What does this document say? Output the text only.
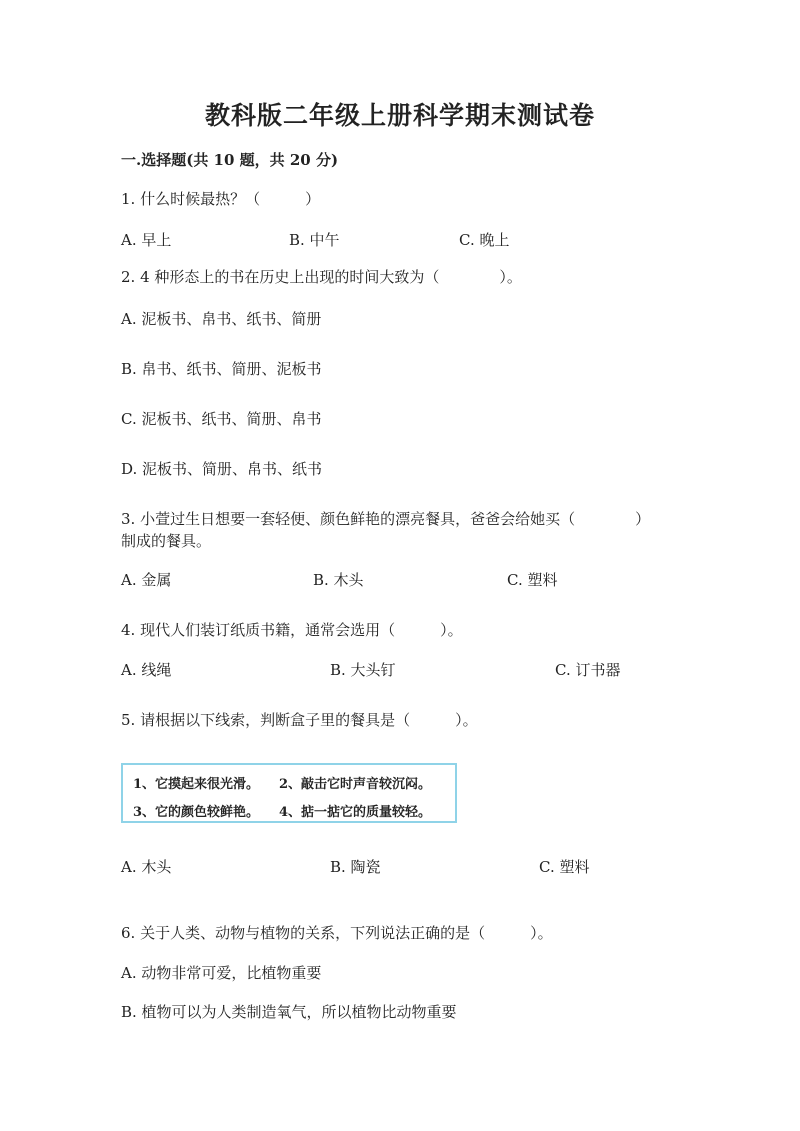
教科版二年级上册科学期末测试卷
一.选择题(共 10 题，共 20 分)
1. 什么时候最热？（　　　）
A. 早上	B. 中午	C. 晚上
2. 4 种形态上的书在历史上出现的时间大致为（　　　　）。
A. 泥板书、帛书、纸书、简册
B. 帛书、纸书、简册、泥板书
C. 泥板书、纸书、简册、帛书
D. 泥板书、简册、帛书、纸书
3. 小萱过生日想要一套轻便、颜色鲜艳的漂亮餐具，爸爸会给她买（　　　　）
制成的餐具。
A. 金属	B. 木头	C. 塑料
4. 现代人们装订纸质书籍，通常会选用（　　　）。
A. 线绳	B. 大头钉	C. 订书器
5. 请根据以下线索，判断盒子里的餐具是（　　　）。
1、它摸起来很光滑。 2、敲击它时声音较沉闷。
3、它的颜色较鲜艳。 4、掂一掂它的质量较轻。
A. 木头	B. 陶瓷	C. 塑料
6. 关于人类、动物与植物的关系，下列说法正确的是（　　　）。
A. 动物非常可爱，比植物重要
B. 植物可以为人类制造氧气，所以植物比动物重要
